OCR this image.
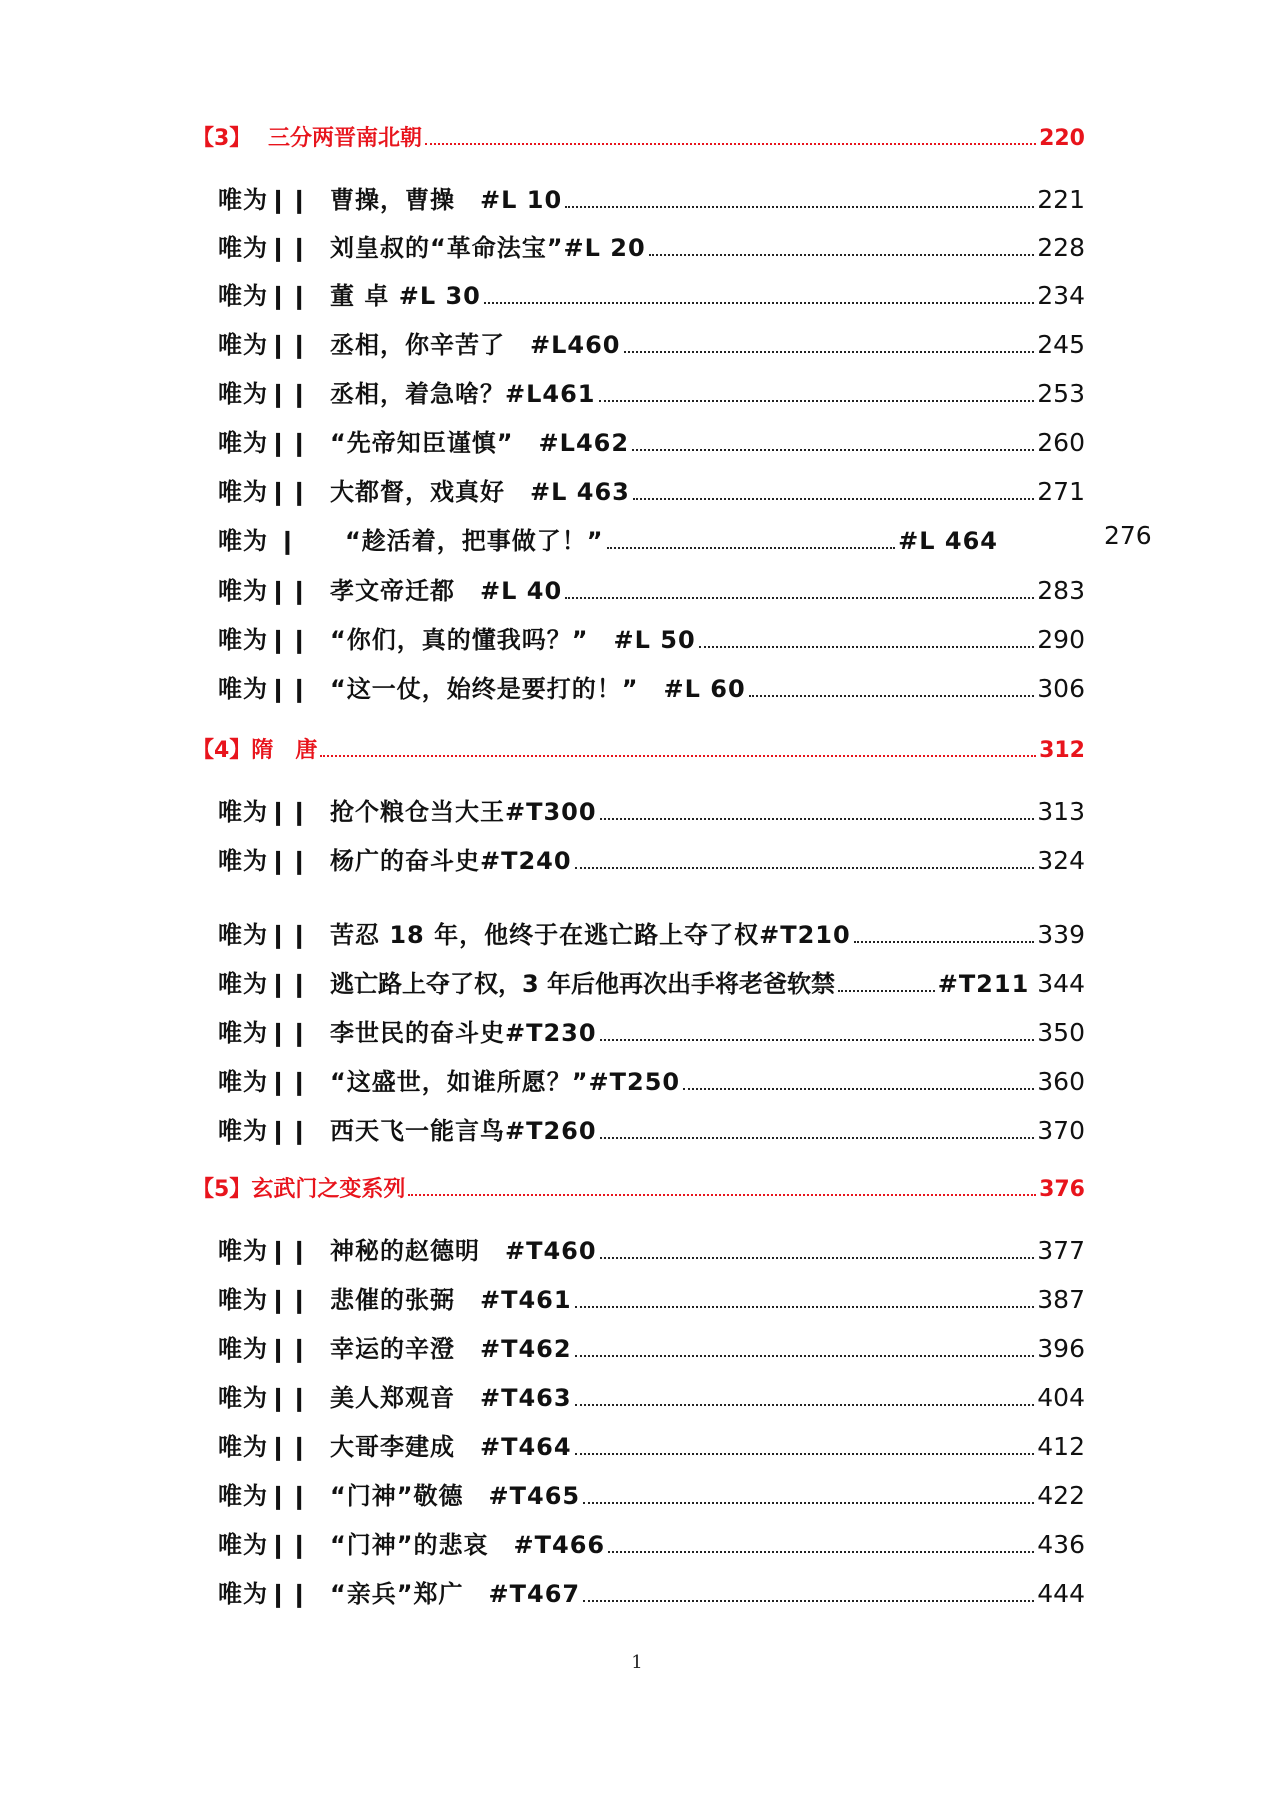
【3】 三分两晋南北朝	220
唯为❙❙ 曹操，曹操　#L 10	221
唯为❙❙ 刘皇叔的“革命法宝”#L 20	228
唯为❙❙ 董 卓 #L 30	234
唯为❙❙ 丞相，你辛苦了　#L460	245
唯为❙❙ 丞相，着急啥？#L461	253
唯为❙❙ “先帝知臣谨慎”　#L462	260
唯为❙❙ 大都督，戏真好　#L 463	271
唯为 ❙	“趁活着，把事做了！”	#L 464	276
唯为❙❙ 孝文帝迁都　#L 40	283
唯为❙❙ “你们，真的懂我吗？”　#L 50	290
唯为❙❙ “这一仗，始终是要打的！”　#L 60	306
【4】 隋　唐	312
唯为❙❙ 抢个粮仓当大王#T300	313
唯为❙❙ 杨广的奋斗史#T240	324
唯为❙❙ 苦忍 18 年，他终于在逃亡路上夺了权#T210	339
唯为❙❙ 逃亡路上夺了权，3 年后他再次出手将老爸软禁	#T211 344
唯为❙❙ 李世民的奋斗史#T230	350
唯为❙❙ “这盛世，如谁所愿？”#T250	360
唯为❙❙ 西天飞一能言鸟#T260	370
【5】 玄武门之变系列	376
唯为❙❙ 神秘的赵德明　#T460	377
唯为❙❙ 悲催的张弼　#T461	387
唯为❙❙ 幸运的辛澄　#T462	396
唯为❙❙ 美人郑观音　#T463	404
唯为❙❙ 大哥李建成　#T464	412
唯为❙❙ “门神”敬德　#T465	422
唯为❙❙ “门神”的悲哀　#T466	436
唯为❙❙ “亲兵”郑广　#T467	444
1
